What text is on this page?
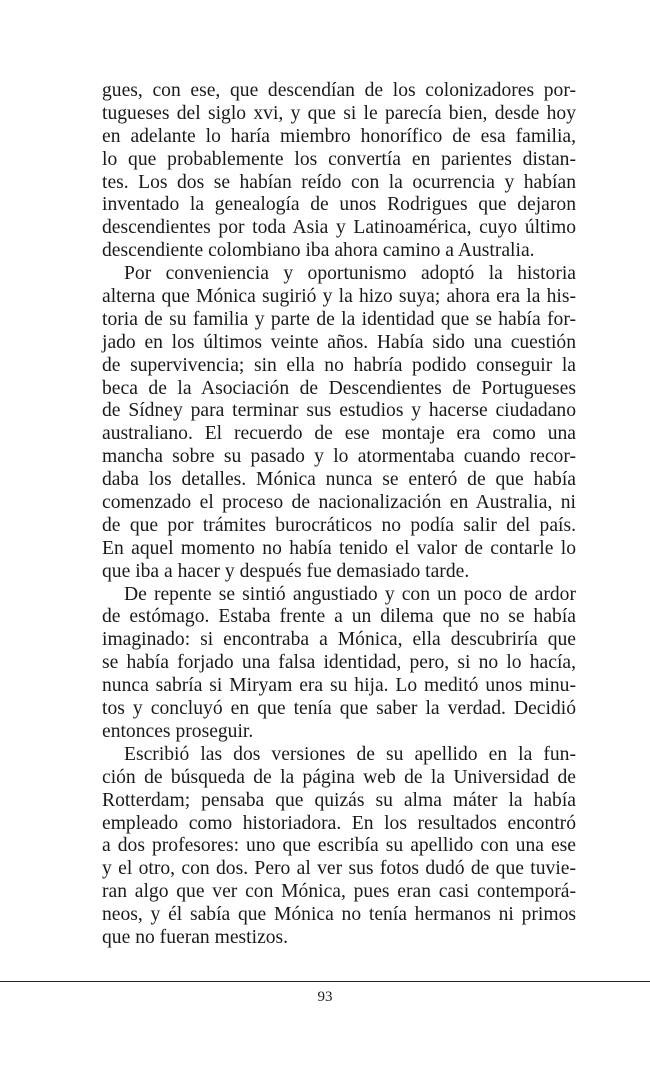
gues, con ese, que descendían de los colonizadores por-
tugueses del siglo xvi, y que si le parecía bien, desde hoy
en adelante lo haría miembro honorífico de esa familia,
lo que probablemente los convertía en parientes distan-
tes. Los dos se habían reído con la ocurrencia y habían
inventado la genealogía de unos Rodrigues que dejaron
descendientes por toda Asia y Latinoamérica, cuyo último
descendiente colombiano iba ahora camino a Australia.
Por conveniencia y oportunismo adoptó la historia
alterna que Mónica sugirió y la hizo suya; ahora era la his-
toria de su familia y parte de la identidad que se había for-
jado en los últimos veinte años. Había sido una cuestión
de supervivencia; sin ella no habría podido conseguir la
beca de la Asociación de Descendientes de Portugueses
de Sídney para terminar sus estudios y hacerse ciudadano
australiano. El recuerdo de ese montaje era como una
mancha sobre su pasado y lo atormentaba cuando recor-
daba los detalles. Mónica nunca se enteró de que había
comenzado el proceso de nacionalización en Australia, ni
de que por trámites burocráticos no podía salir del país.
En aquel momento no había tenido el valor de contarle lo
que iba a hacer y después fue demasiado tarde.
De repente se sintió angustiado y con un poco de ardor
de estómago. Estaba frente a un dilema que no se había
imaginado: si encontraba a Mónica, ella descubriría que
se había forjado una falsa identidad, pero, si no lo hacía,
nunca sabría si Miryam era su hija. Lo meditó unos minu-
tos y concluyó en que tenía que saber la verdad. Decidió
entonces proseguir.
Escribió las dos versiones de su apellido en la fun-
ción de búsqueda de la página web de la Universidad de
Rotterdam; pensaba que quizás su alma máter la había
empleado como historiadora. En los resultados encontró
a dos profesores: uno que escribía su apellido con una ese
y el otro, con dos. Pero al ver sus fotos dudó de que tuvie-
ran algo que ver con Mónica, pues eran casi contemporá-
neos, y él sabía que Mónica no tenía hermanos ni primos
que no fueran mestizos.
93
